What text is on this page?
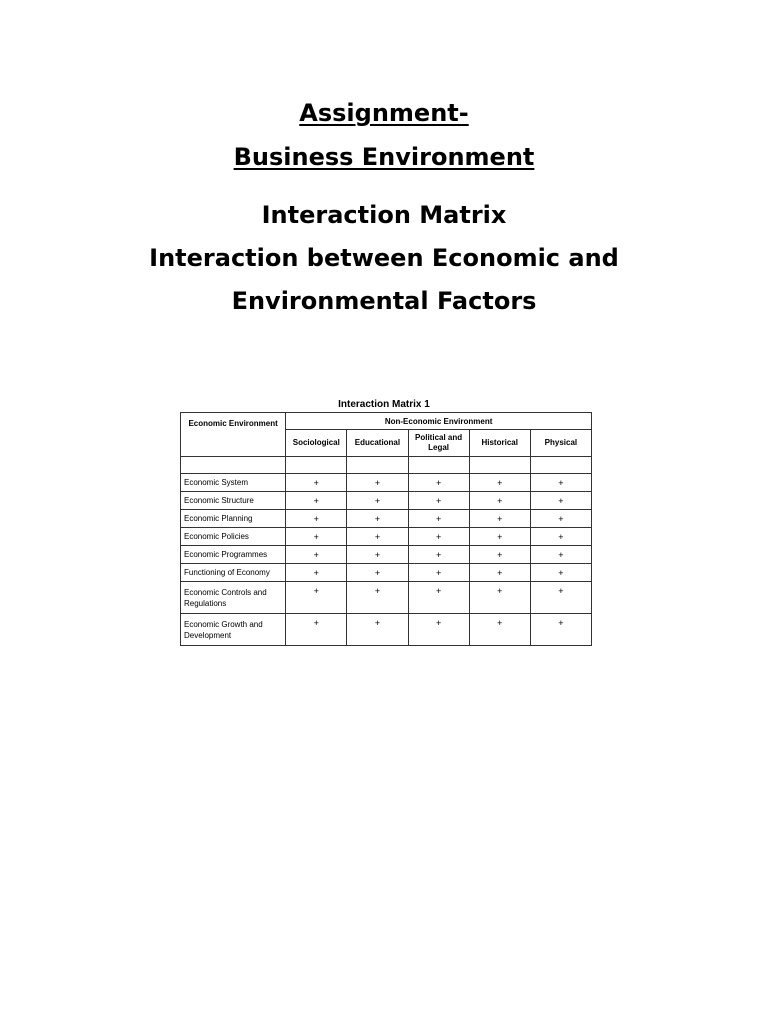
Assignment-
Business Environment
Interaction Matrix
Interaction between Economic and
Environmental Factors
Interaction Matrix 1
Economic Environment	Non-Economic Environment				
	Sociological	Educational	Political and Legal	Historical	Physical

Economic System	+	+	+	+	+
Economic Structure	+	+	+	+	+
Economic Planning	+	+	+	+	+
Economic Policies	+	+	+	+	+
Economic Programmes	+	+	+	+	+
Functioning of Economy	+	+	+	+	+
Economic Controls and Regulations	+	+	+	+	+
Economic Growth and Development	+	+	+	+	+
